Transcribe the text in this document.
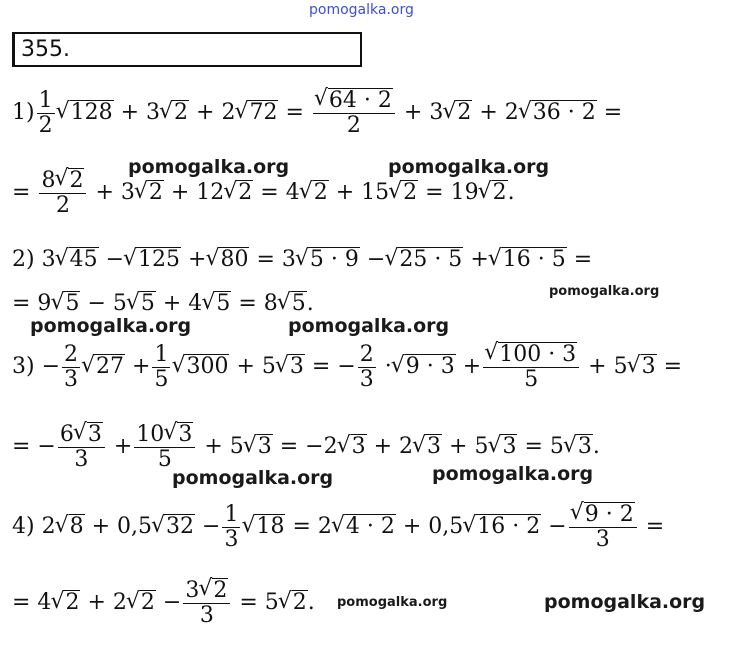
pomogalka.org
355.
$1) \frac{1}{2}$
√ 128 + 3√ 2 + 2√ 72 =
√ $\frac{64 \cdot 2}{2} + 3√$ 2 + 2√ 36 · 2 =
pomogalka.org	pomogalka.org
= $\frac{8√ 2}{2} + 3√$ 2 + 12√ 2 = 4√ 2 + 15√ 2 = 19√ 2.
2) 3√ 45 −√ 125 +√ 80 = 3√ 5 · 9 −√ 25 · 5 +√ 16 · 5 =
= 9√ 5 − 5√ 5 + 4√ 5 = 8√ 5.	pomogalka.org
pomogalka.org	pomogalka.org
$3) - \frac{2}{3}$
√ $27 + \frac{1}{5}$
√ 300 + 5√ 3 = − $\frac{2}{3}$ ·√ 9 · 3 +
√ $\frac{100 \cdot 3}{5} + 5√$ 3 =
= − $\frac{6√ 3}{3} + \frac{10√ 3}{5} + 5√$ 3 = −2√ 3 + 2√ 3 + 5√ 3 = 5√ 3.
pomogalka.org	pomogalka.org
4) 2√ 8 + 0,5√ $32 - \frac{1}{3}$
√ 18 = 2√ 4 · 2 + 0,5√ 16 · 2 −
√ $\frac{9 \cdot 2}{3}$ =
= 4√ 2 + 2√ $2 - \frac{3√ 2}{3} = 5√$ 2. pomogalka.org	pomogalka.org
